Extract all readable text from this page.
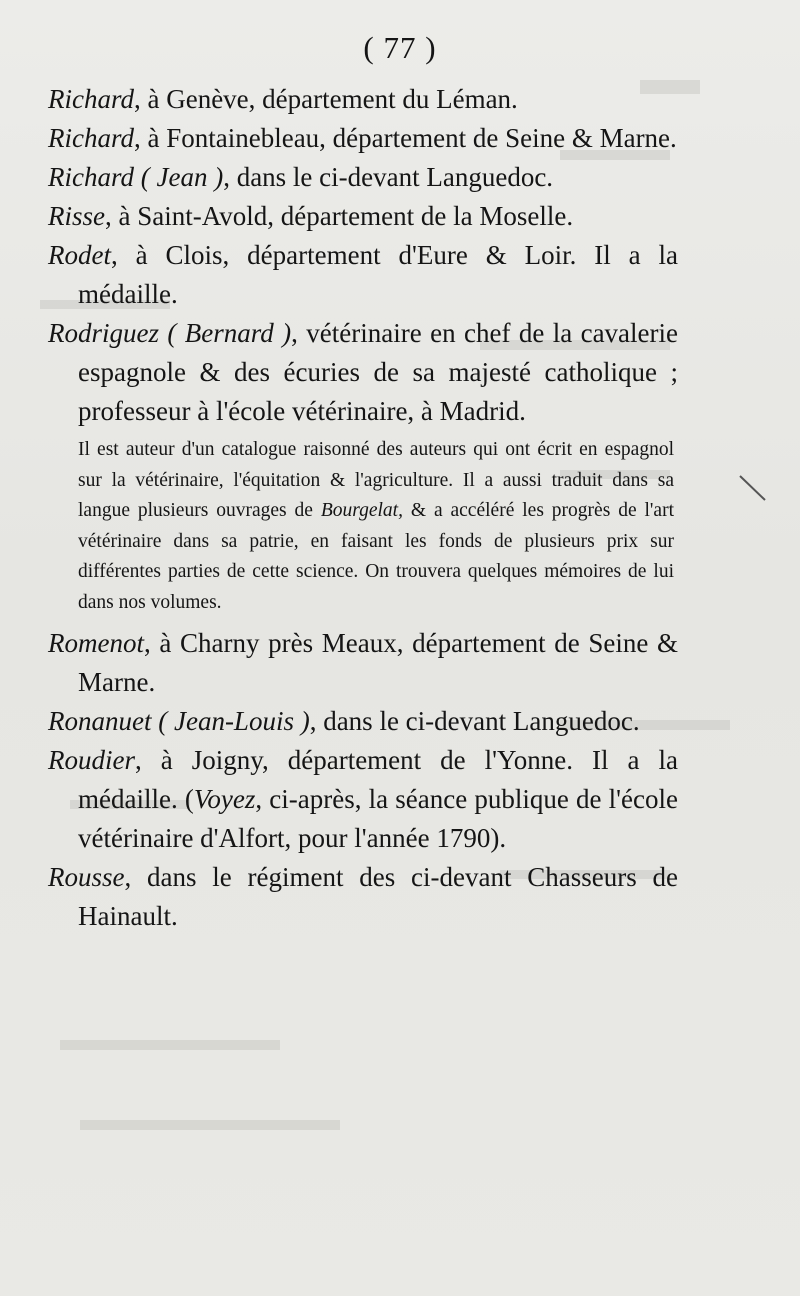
( 77 )

Richard, à Genève, département du Léman.

Richard, à Fontainebleau, département de Seine & Marne.

Richard ( Jean ), dans le ci-devant Languedoc.

Risse, à Saint-Avold, département de la Moselle.

Rodet, à Clois, département d'Eure & Loir. Il a la médaille.

Rodriguez ( Bernard ), vétérinaire en chef de la cavalerie espagnole & des écuries de sa majesté catholique ; professeur à l'école vétérinaire, à Madrid.

Il est auteur d'un catalogue raisonné des auteurs qui ont écrit en espagnol sur la vétérinaire, l'équitation & l'agriculture. Il a aussi traduit dans sa langue plusieurs ouvrages de Bourgelat, & a accéléré les progrès de l'art vétérinaire dans sa patrie, en faisant les fonds de plusieurs prix sur différentes parties de cette science. On trouvera quelques mémoires de lui dans nos volumes.

Romenot, à Charny près Meaux, département de Seine & Marne.

Ronanuet ( Jean-Louis ), dans le ci-devant Languedoc.

Roudier, à Joigny, département de l'Yonne. Il a la médaille. (Voyez, ci-après, la séance publique de l'école vétérinaire d'Alfort, pour l'année 1790).

Rousse, dans le régiment des ci-devant Chasseurs de Hainault.
